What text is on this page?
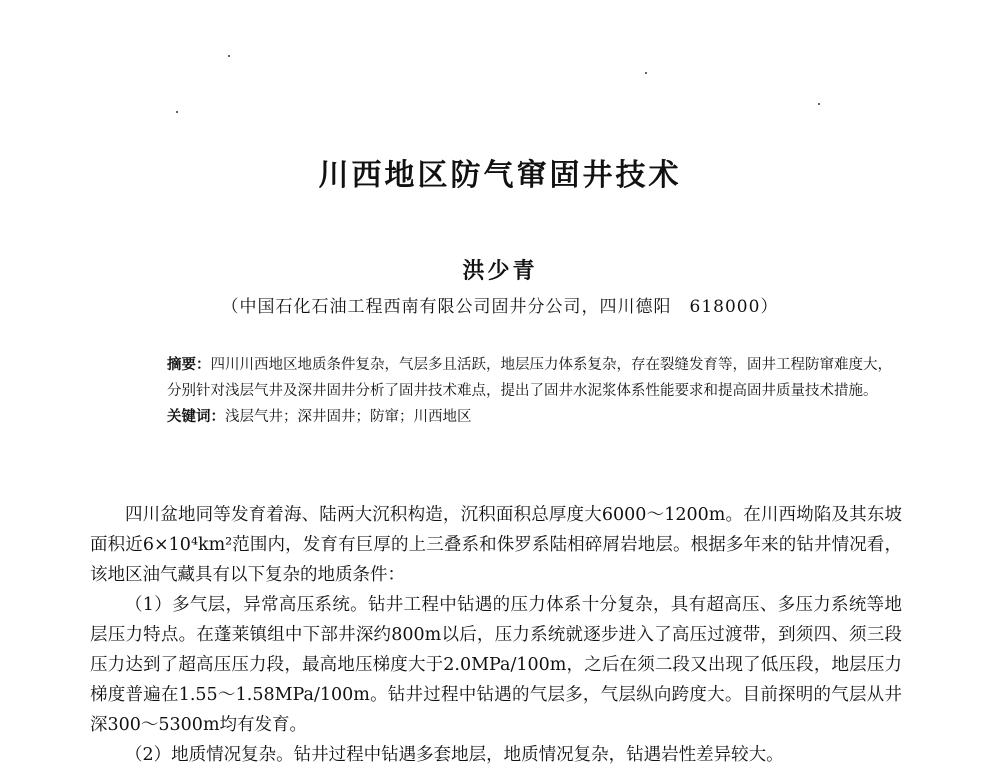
川西地区防气窜固井技术
洪少青
（中国石化石油工程西南有限公司固井分公司，四川德阳　618000）

摘要：四川川西地区地质条件复杂，气层多且活跃，地层压力体系复杂，存在裂缝发育等，固井工程防窜难度大，分别针对浅层气井及深井固井分析了固井技术难点，提出了固井水泥浆体系性能要求和提高固井质量技术措施。

关键词：浅层气井；深井固井；防窜；川西地区

四川盆地同等发育着海、陆两大沉积构造，沉积面积总厚度大6000～1200m。在川西坳陷及其东坡面积近6×10⁴km²范围内，发育有巨厚的上三叠系和侏罗系陆相碎屑岩地层。根据多年来的钻井情况看，该地区油气藏具有以下复杂的地质条件：

（1）多气层，异常高压系统。钻井工程中钻遇的压力体系十分复杂，具有超高压、多压力系统等地层压力特点。在蓬莱镇组中下部井深约800m以后，压力系统就逐步进入了高压过渡带，到须四、须三段压力达到了超高压压力段，最高地压梯度大于2.0MPa/100m，之后在须二段又出现了低压段，地层压力梯度普遍在1.55～1.58MPa/100m。钻井过程中钻遇的气层多，气层纵向跨度大。目前探明的气层从井深300～5300m均有发育。

（2）地质情况复杂。钻井过程中钻遇多套地层，地质情况复杂，钻遇岩性差异较大。
